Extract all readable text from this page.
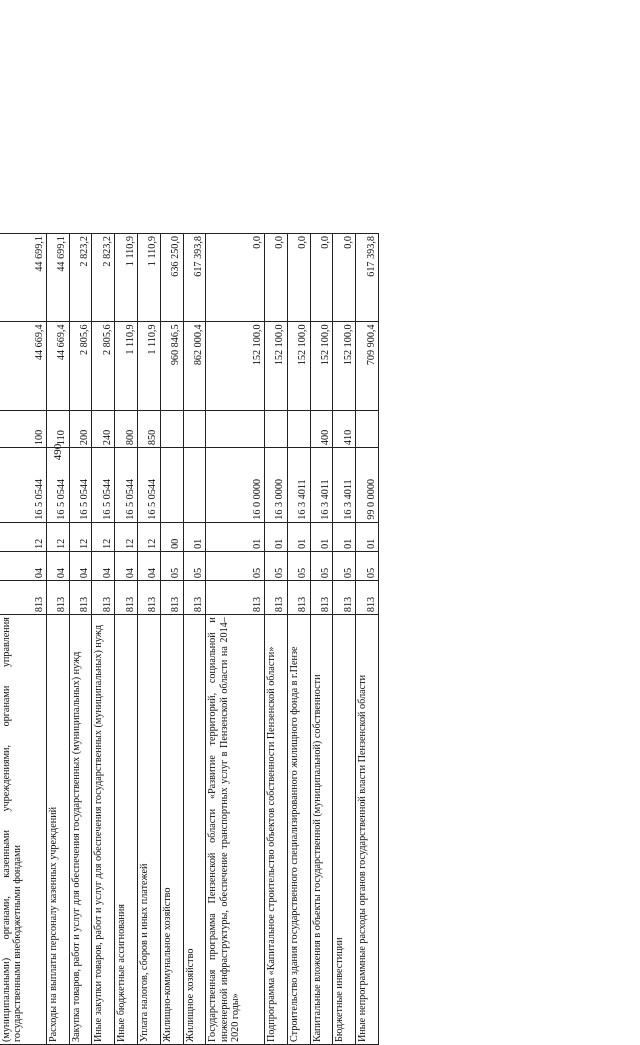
490

(муниципальными) органами, казенными учреждениями, органами управления государственными внебюджетными фондами	813	04	12	16 5 0544	100	44 669,4	44 699,1
Расходы на выплаты персоналу казенных учреждений	813	04	12	16 5 0544	110	44 669,4	44 699,1
Закупка товаров, работ и услуг для обеспечения государственных (муниципальных) нужд	813	04	12	16 5 0544	200	2 805,6	2 823,2
Иные закупки товаров, работ и услуг для обеспечения государственных (муниципальных) нужд	813	04	12	16 5 0544	240	2 805,6	2 823,2
Иные бюджетные ассигнования	813	04	12	16 5 0544	800	1 110,9	1 110,9
Уплата налогов, сборов и иных платежей	813	04	12	16 5 0544	850	1 110,9	1 110,9
Жилищно-коммунальное хозяйство	813	05	00			960 846,5	636 250,0
Жилищное хозяйство	813	05	01			862 000,4	617 393,8
Государственная программа Пензенской области «Развитие территорий, социальной и инженерной инфраструктуры, обеспечение транспортных услуг в Пензенской области на 2014–2020 годы»	813	05	01	16 0 0000		152 100,0	0,0
Подпрограмма «Капитальное строительство объектов собственности Пензенской области»	813	05	01	16 3 0000		152 100,0	0,0
Строительство здания государственного специализированного жилищного фонда в г.Пензе	813	05	01	16 3 4011		152 100,0	0,0
Капитальные вложения в объекты государственной (муниципальной) собственности	813	05	01	16 3 4011	400	152 100,0	0,0
Бюджетные инвестиции	813	05	01	16 3 4011	410	152 100,0	0,0
Иные непрограммные расходы органов государственной власти Пензенской области	813	05	01	99 0 0000		709 900,4	617 393,8
